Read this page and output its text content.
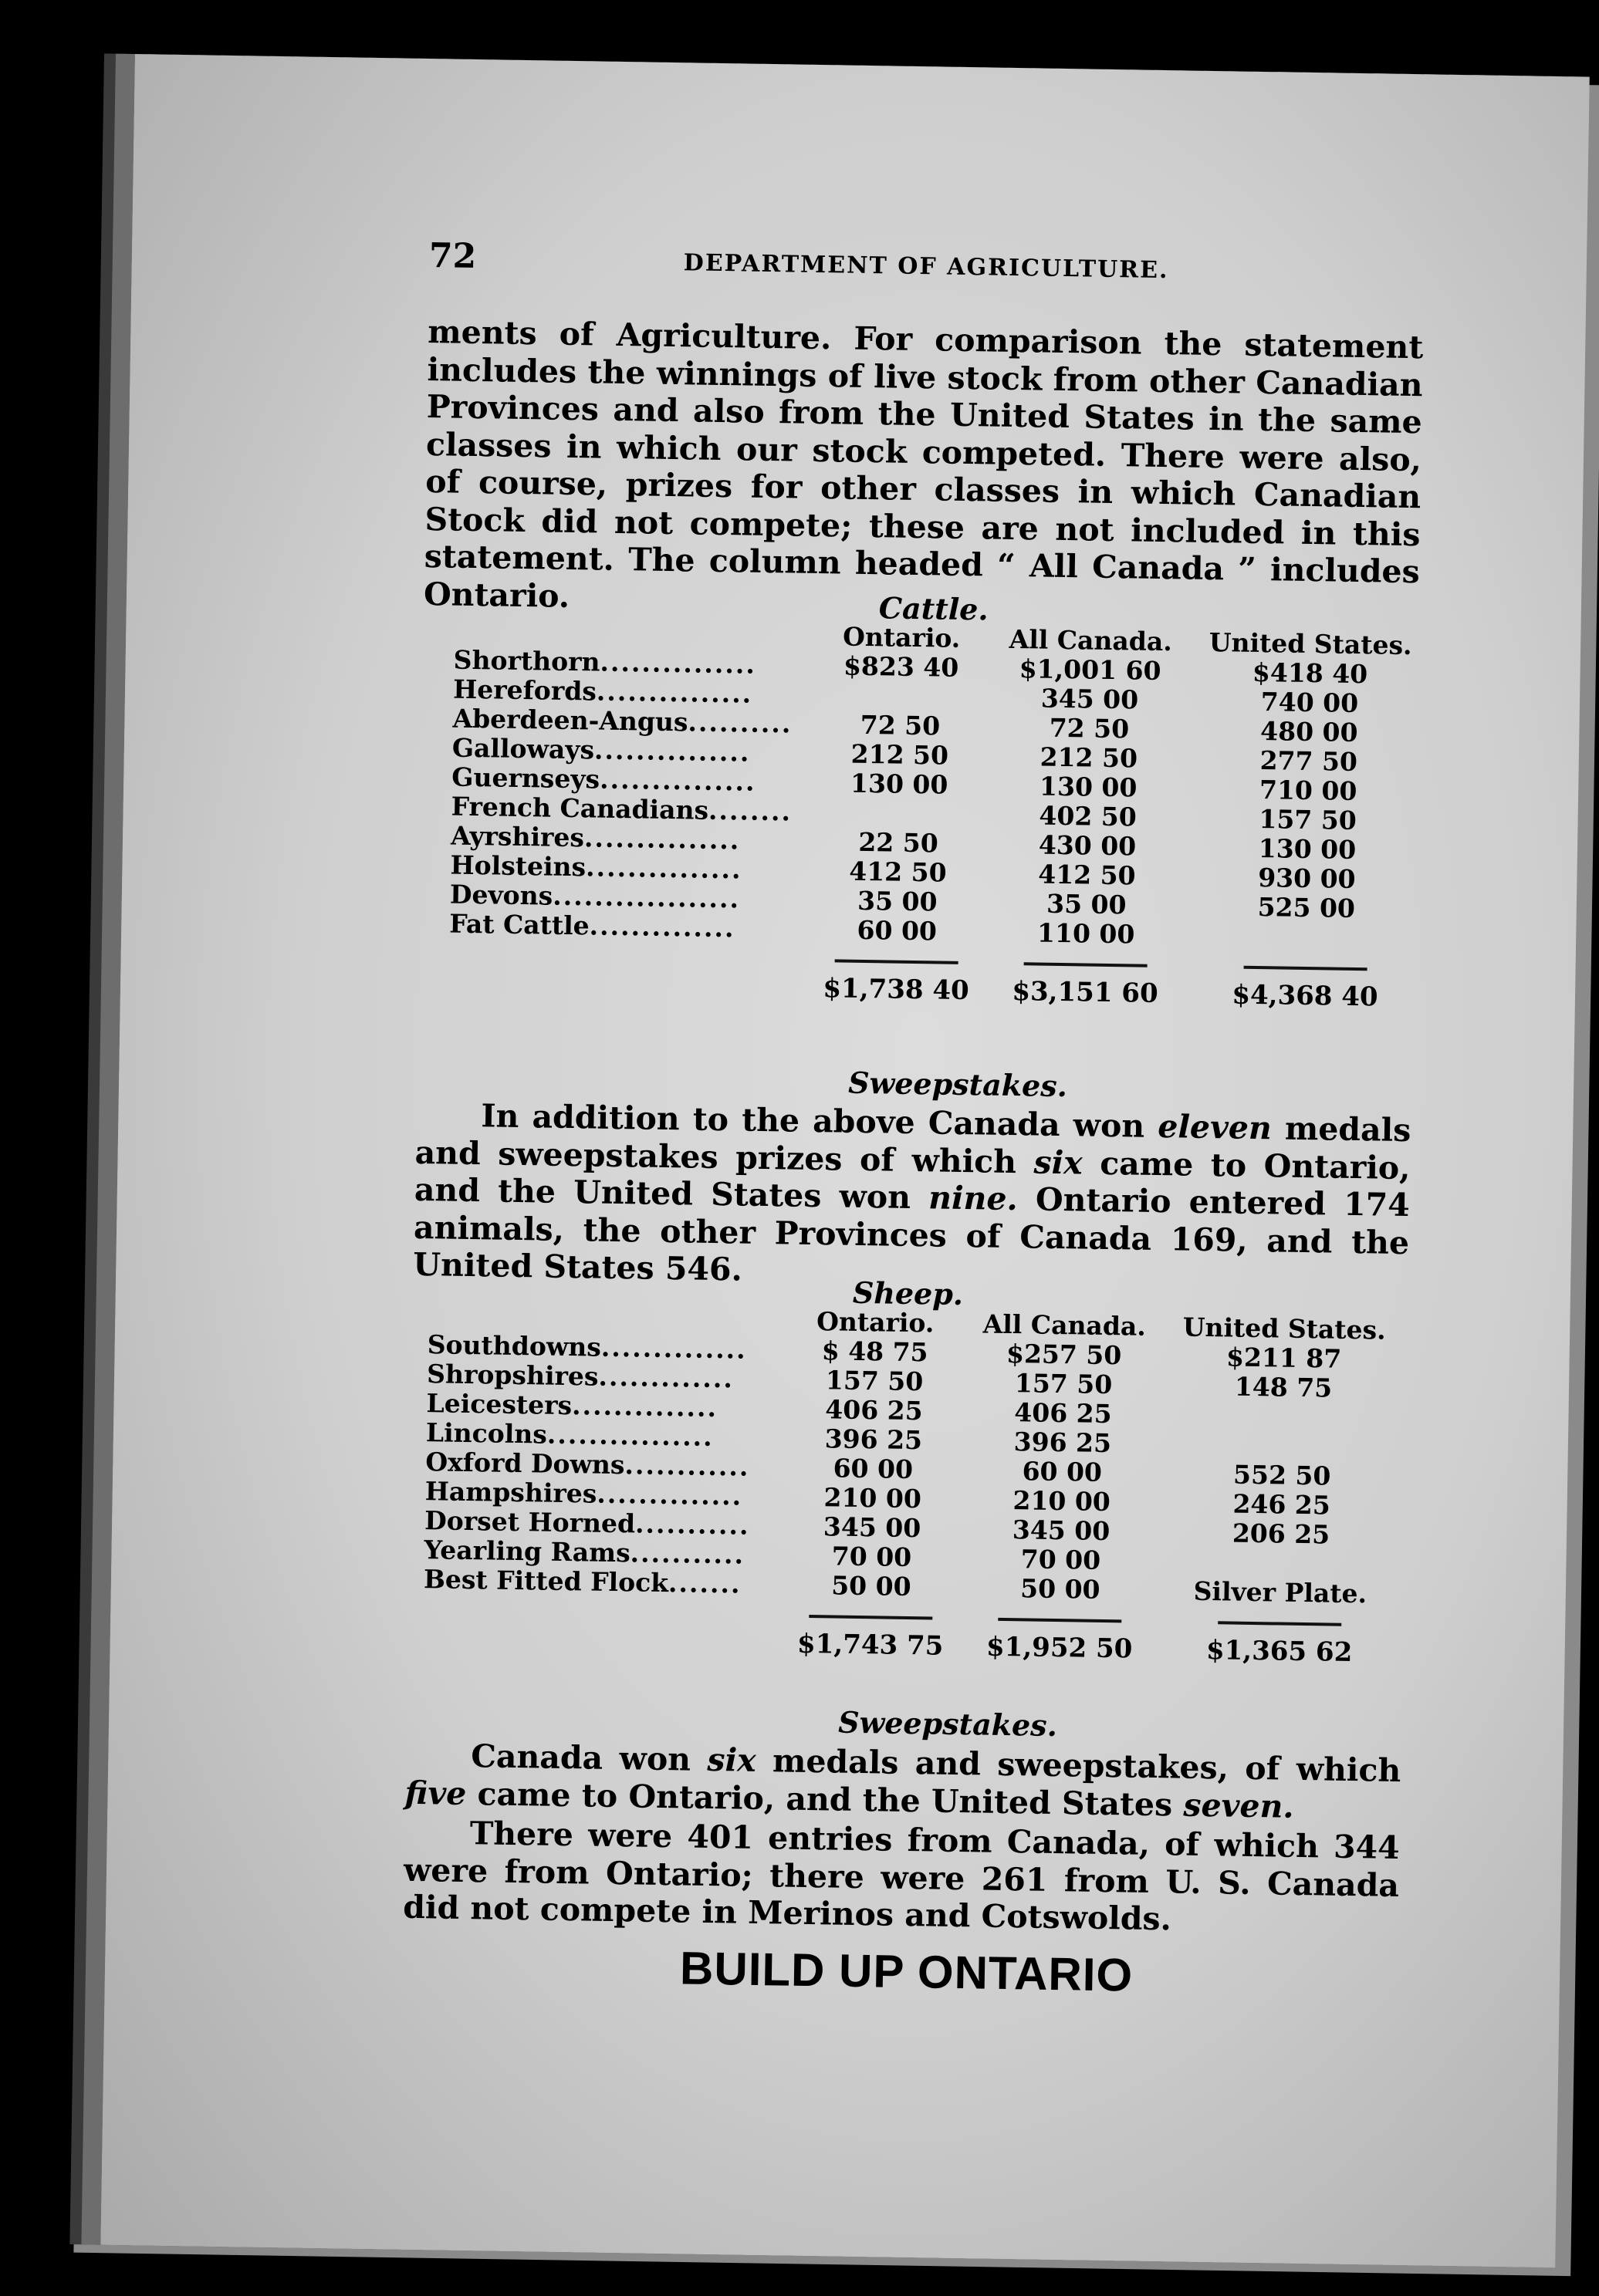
72	DEPARTMENT OF AGRICULTURE.
ments of Agriculture. For comparison the statement includes the winnings of live stock from other Canadian Provinces and also from the United States in the same classes in which our stock competed. There were also, of course, prizes for other classes in which Canadian Stock did not compete; these are not included in this statement. The column headed “ All Canada ” includes Ontario.	Cattle.
	Ontario.	All Canada.	United States.
Shorthorn...............	$823 40	$1,001 60	$418 40
Herefords...............		345 00	740 00
Aberdeen-Angus..........	72 50	72 50	480 00
Galloways...............	212 50	212 50	277 50
Guernseys...............	130 00	130 00	710 00
French Canadians........		402 50	157 50
Ayrshires...............	22 50	430 00	130 00
Holsteins...............	412 50	412 50	930 00
Devons..................	35 00	35 00	525 00
Fat Cattle..............	60 00	110 00	

	$1,738 40	$3,151 60	$4,368 40
Sweepstakes.
In addition to the above Canada won eleven medals and sweepstakes prizes of which six came to Ontario, and the United States won nine. Ontario entered 174 animals, the other Provinces of Canada 169, and the United States 546.
Sheep.
	Ontario.	All Canada.	United States.
Southdowns..............	$ 48 75	$257 50	$211 87
Shropshires.............	157 50	157 50	148 75
Leicesters..............	406 25	406 25	
Lincolns................	396 25	396 25	
Oxford Downs............	60 00	60 00	552 50
Hampshires..............	210 00	210 00	246 25
Dorset Horned...........	345 00	345 00	206 25
Yearling Rams...........	70 00	70 00	
Best Fitted Flock.......	50 00	50 00	Silver Plate.

	$1,743 75	$1,952 50	$1,365 62
Sweepstakes.
Canada won six medals and sweepstakes, of which five came to Ontario, and the United States seven.
There were 401 entries from Canada, of which 344 were from Ontario; there were 261 from U. S. Canada did not compete in Merinos and Cotswolds.
BUILD UP ONTARIO
